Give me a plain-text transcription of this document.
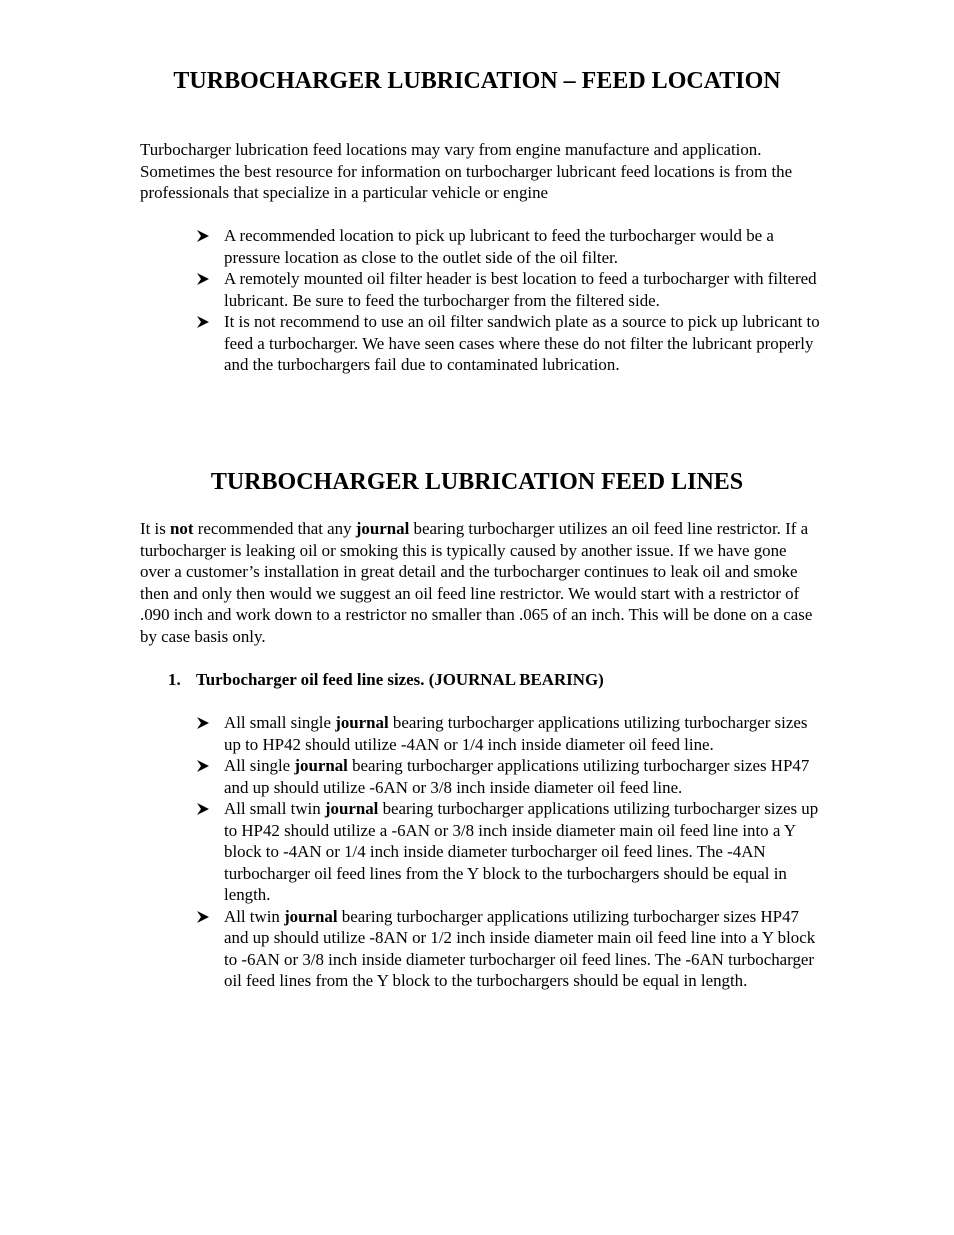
TURBOCHARGER LUBRICATION – FEED LOCATION

Turbocharger lubrication feed locations may vary from engine manufacture and application. Sometimes the best resource for information on turbocharger lubricant feed locations is from the professionals that specialize in a particular vehicle or engine

A recommended location to pick up lubricant to feed the turbocharger would be a pressure location as close to the outlet side of the oil filter.
A remotely mounted oil filter header is best location to feed a turbocharger with filtered lubricant. Be sure to feed the turbocharger from the filtered side.
It is not recommend to use an oil filter sandwich plate as a source to pick up lubricant to feed a turbocharger. We have seen cases where these do not filter the lubricant properly and the turbochargers fail due to contaminated lubrication.
TURBOCHARGER LUBRICATION FEED LINES

It is not recommended that any journal bearing turbocharger utilizes an oil feed line restrictor. If a turbocharger is leaking oil or smoking this is typically caused by another issue. If we have gone over a customer’s installation in great detail and the turbocharger continues to leak oil and smoke then and only then would we suggest an oil feed line restrictor. We would start with a restrictor of .090 inch and work down to a restrictor no smaller than .065 of an inch. This will be done on a case by case basis only.

1. Turbocharger oil feed line sizes. (JOURNAL BEARING)

All small single journal bearing turbocharger applications utilizing turbocharger sizes up to HP42 should utilize -4AN or 1/4 inch inside diameter oil feed line.
All single journal bearing turbocharger applications utilizing turbocharger sizes HP47 and up should utilize -6AN or 3/8 inch inside diameter oil feed line.
All small twin journal bearing turbocharger applications utilizing turbocharger sizes up to HP42 should utilize a -6AN or 3/8 inch inside diameter main oil feed line into a Y block to -4AN or 1/4 inch inside diameter turbocharger oil feed lines. The -4AN turbocharger oil feed lines from the Y block to the turbochargers should be equal in length.
All twin journal bearing turbocharger applications utilizing turbocharger sizes HP47 and up should utilize -8AN or 1/2 inch inside diameter main oil feed line into a Y block to -6AN or 3/8 inch inside diameter turbocharger oil feed lines. The -6AN turbocharger oil feed lines from the Y block to the turbochargers should be equal in length.
